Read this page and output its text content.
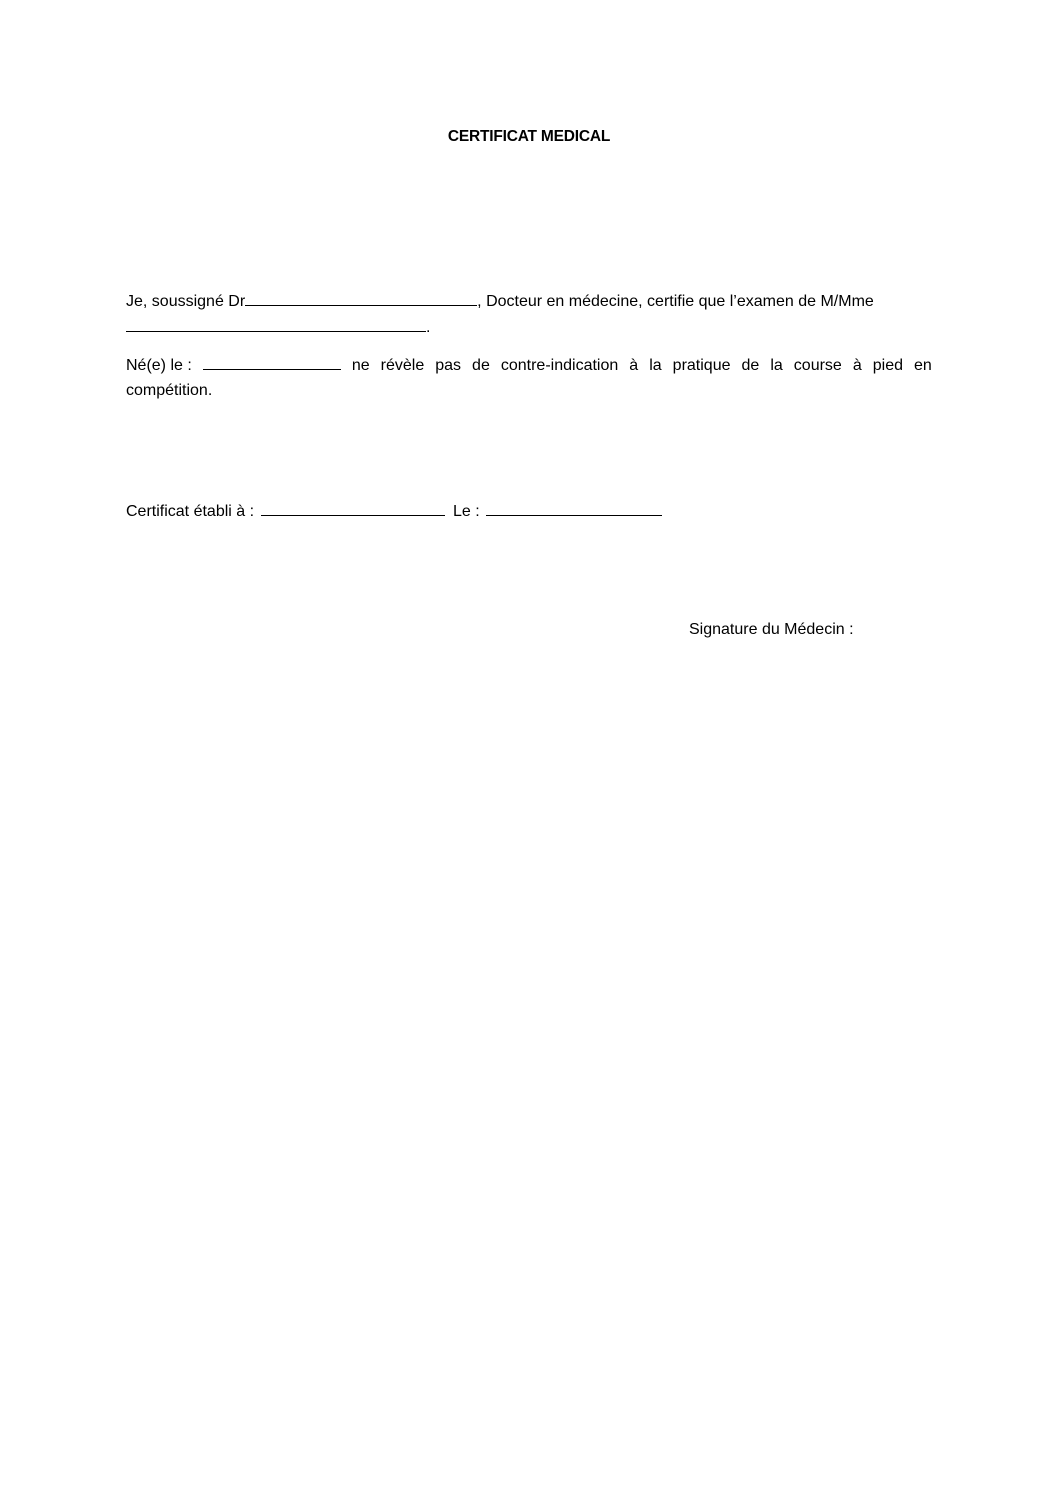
CERTIFICAT MEDICAL
Je, soussigné Dr	, Docteur en médecine, certifie que l’examen de M/Mme
.
Né(e) le :	ne révèle pas de contre-indication à la pratique de la course à pied en
compétition.
Certificat établi à :	Le :
Signature du Médecin :
